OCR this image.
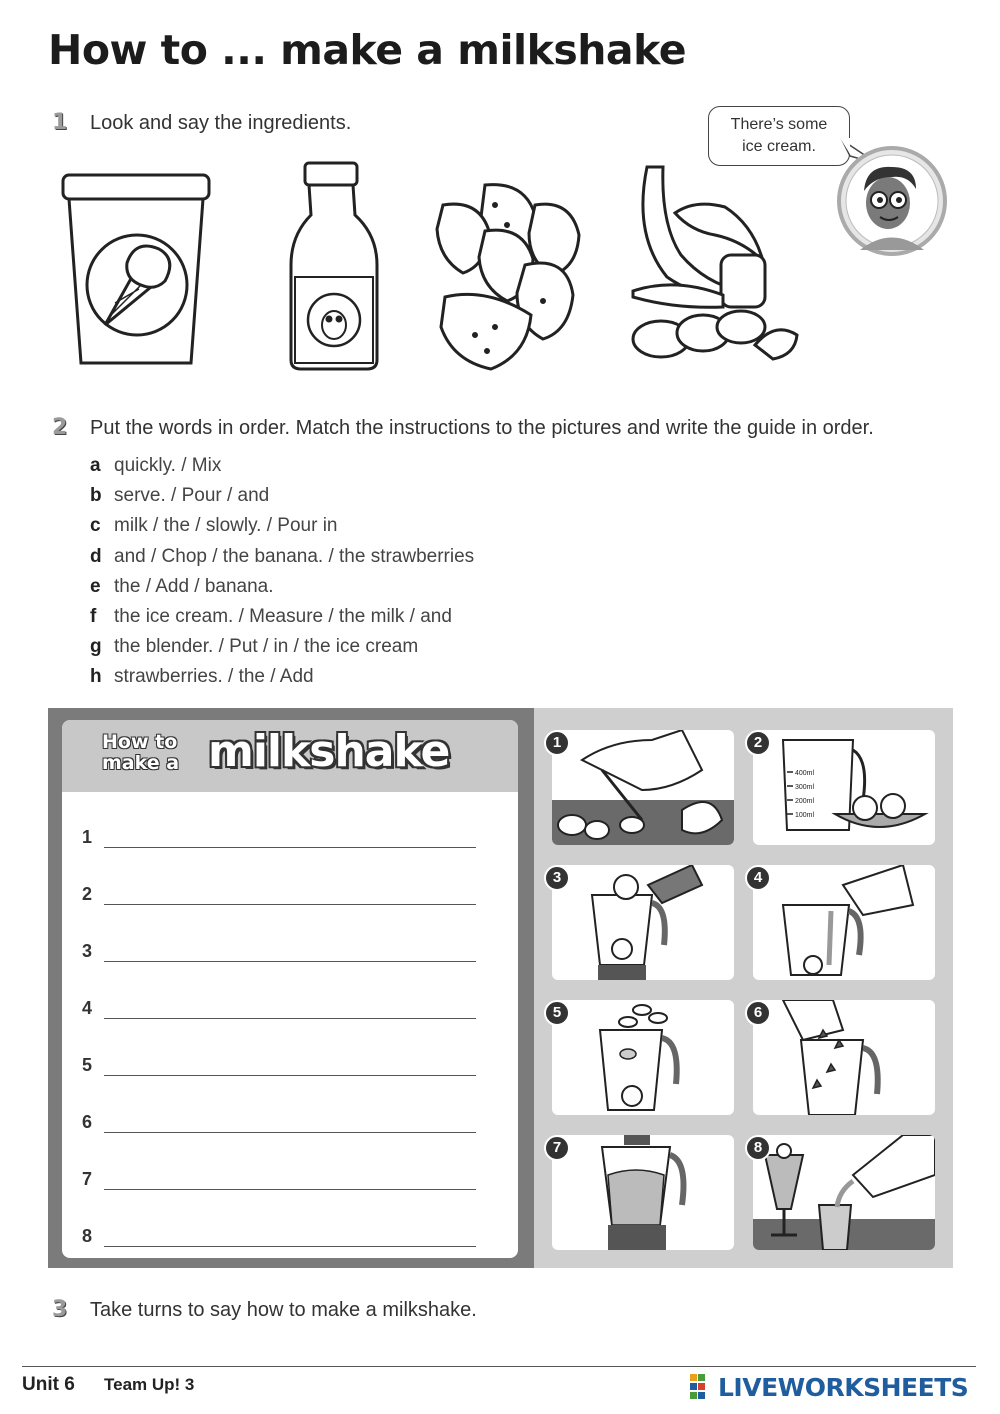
How to ... make a milkshake
1	Look and say the ingredients.	There’s some
ice cream.
2	Put the words in order. Match the instructions to the pictures and write the guide in order.
a quickly. / Mix
b serve. / Pour / and
c milk / the / slowly. / Pour in
d and / Chop / the banana. / the strawberries
e the / Add / banana.
f the ice cream. / Measure / the milk / and
g the blender. / Put / in / the ice cream
h strawberries. / the / Add
How to
make a milkshake
1
2
3
4
5
6
7
8
1
400ml
300ml
200ml
100ml
2
3	4
5	6
7	8
3	Take turns to say how to make a milkshake.
Unit 6 Team Up! 3	LIVEWORKSHEETS
